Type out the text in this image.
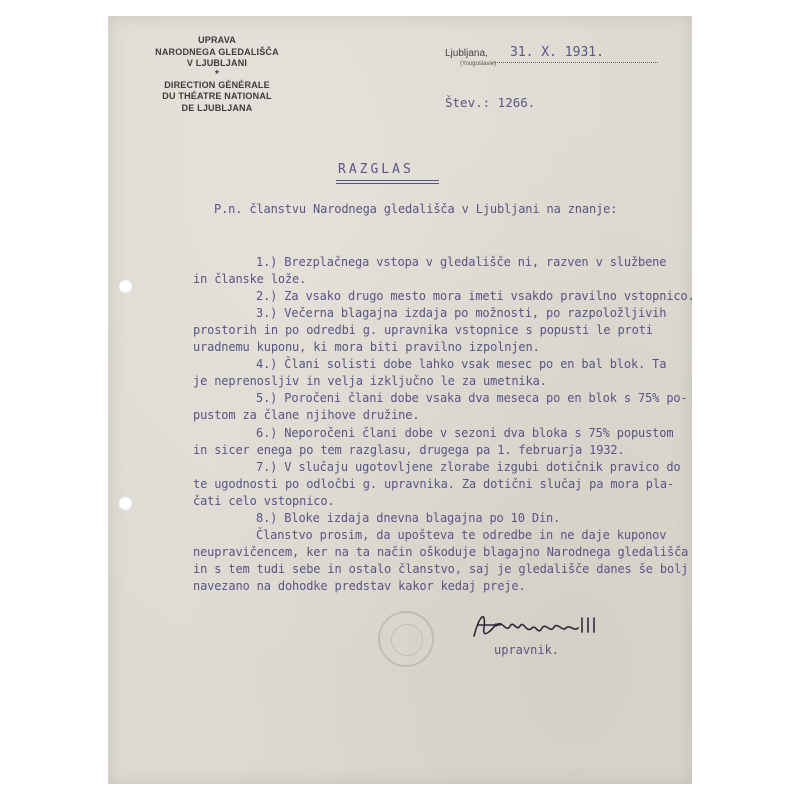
UPRAVA
NARODNEGA GLEDALIŠČA
V LJUBLJANI
*
DIRECTION GÉNÉRALE
DU THÉATRE NATIONAL
DE LJUBLJANA
Ljubljana,
(Yougoslavie)
31. X. 1931.
Štev.: 1266.
RAZGLAS
P.n. članstvu Narodnega gledališča v Ljubljani na znanje:
1.) Brezplačnega vstopa v gledališče ni, razven v službene
in članske lože.
2.) Za vsako drugo mesto mora imeti vsakdo pravilno vstopnico.
3.) Večerna blagajna izdaja po možnosti, po razpoložljivih
prostorih in po odredbi g. upravnika vstopnice s popusti le proti
uradnemu kuponu, ki mora biti pravilno izpolnjen.
4.) Člani solisti dobe lahko vsak mesec po en bal blok. Ta
je neprenosljiv in velja izključno le za umetnika.
5.) Poročeni člani dobe vsaka dva meseca po en blok s 75% po-
pustom za člane njihove družine.
6.) Neporočeni člani dobe v sezoni dva bloka s 75% popustom
in sicer enega po tem razglasu, drugega pa 1. februarja 1932.
7.) V slučaju ugotovljene zlorabe izgubi dotičnik pravico do
te ugodnosti po odločbi g. upravnika. Za dotični slučaj pa mora pla-
čati celo vstopnico.
8.) Bloke izdaja dnevna blagajna po 10 Din.
Članstvo prosim, da upošteva te odredbe in ne daje kuponov
neupravičencem, ker na ta način oškoduje blagajno Narodnega gledališča
in s tem tudi sebe in ostalo članstvo, saj je gledališče danes še bolj
navezano na dohodke predstav kakor kedaj preje.
upravnik.
